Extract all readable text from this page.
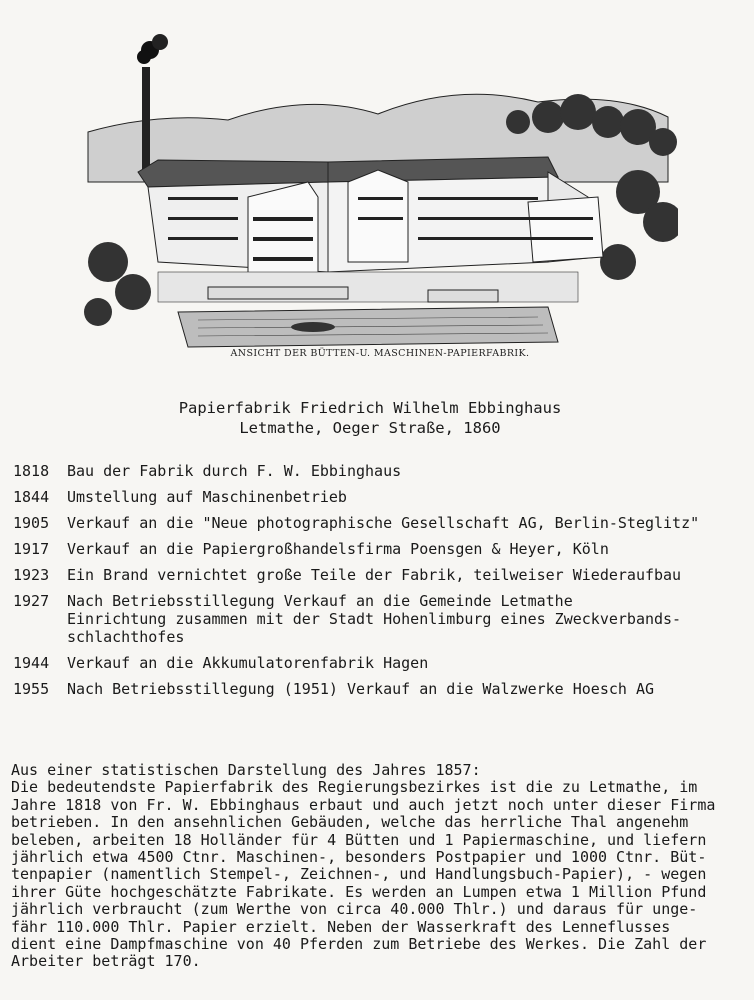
ANSICHT DER BÜTTEN-U. MASCHINEN-PAPIERFABRIK.
Papierfabrik Friedrich Wilhelm Ebbinghaus
Letmathe, Oeger Straße, 1860
1818	Bau der Fabrik durch F. W. Ebbinghaus
1844	Umstellung auf Maschinenbetrieb
1905	Verkauf an die "Neue photographische Gesellschaft AG, Berlin-Steglitz"
1917	Verkauf an die Papiergroßhandelsfirma Poensgen & Heyer, Köln
1923	Ein Brand vernichtet große Teile der Fabrik, teilweiser Wiederaufbau
1927	Nach Betriebsstillegung Verkauf an die Gemeinde Letmathe
Einrichtung zusammen mit der Stadt Hohenlimburg eines Zweckverbands-
schlachthofes
1944	Verkauf an die Akkumulatorenfabrik Hagen
1955	Nach Betriebsstillegung (1951) Verkauf an die Walzwerke Hoesch AG
Aus einer statistischen Darstellung des Jahres 1857:
Die bedeutendste Papierfabrik des Regierungsbezirkes ist die zu Letmathe, im
Jahre 1818 von Fr. W. Ebbinghaus erbaut und auch jetzt noch unter dieser Firma
betrieben. In den ansehnlichen Gebäuden, welche das herrliche Thal angenehm
beleben, arbeiten 18 Holländer für 4 Bütten und 1 Papiermaschine, und liefern
jährlich etwa 4500 Ctnr. Maschinen-, besonders Postpapier und 1000 Ctnr. Büt-
tenpapier (namentlich Stempel-, Zeichnen-, und Handlungsbuch-Papier), - wegen
ihrer Güte hochgeschätzte Fabrikate. Es werden an Lumpen etwa 1 Million Pfund
jährlich verbraucht (zum Werthe von circa 40.000 Thlr.) und daraus für unge-
fähr 110.000 Thlr. Papier erzielt. Neben der Wasserkraft des Lenneflusses
dient eine Dampfmaschine von 40 Pferden zum Betriebe des Werkes. Die Zahl der
Arbeiter beträgt 170.
